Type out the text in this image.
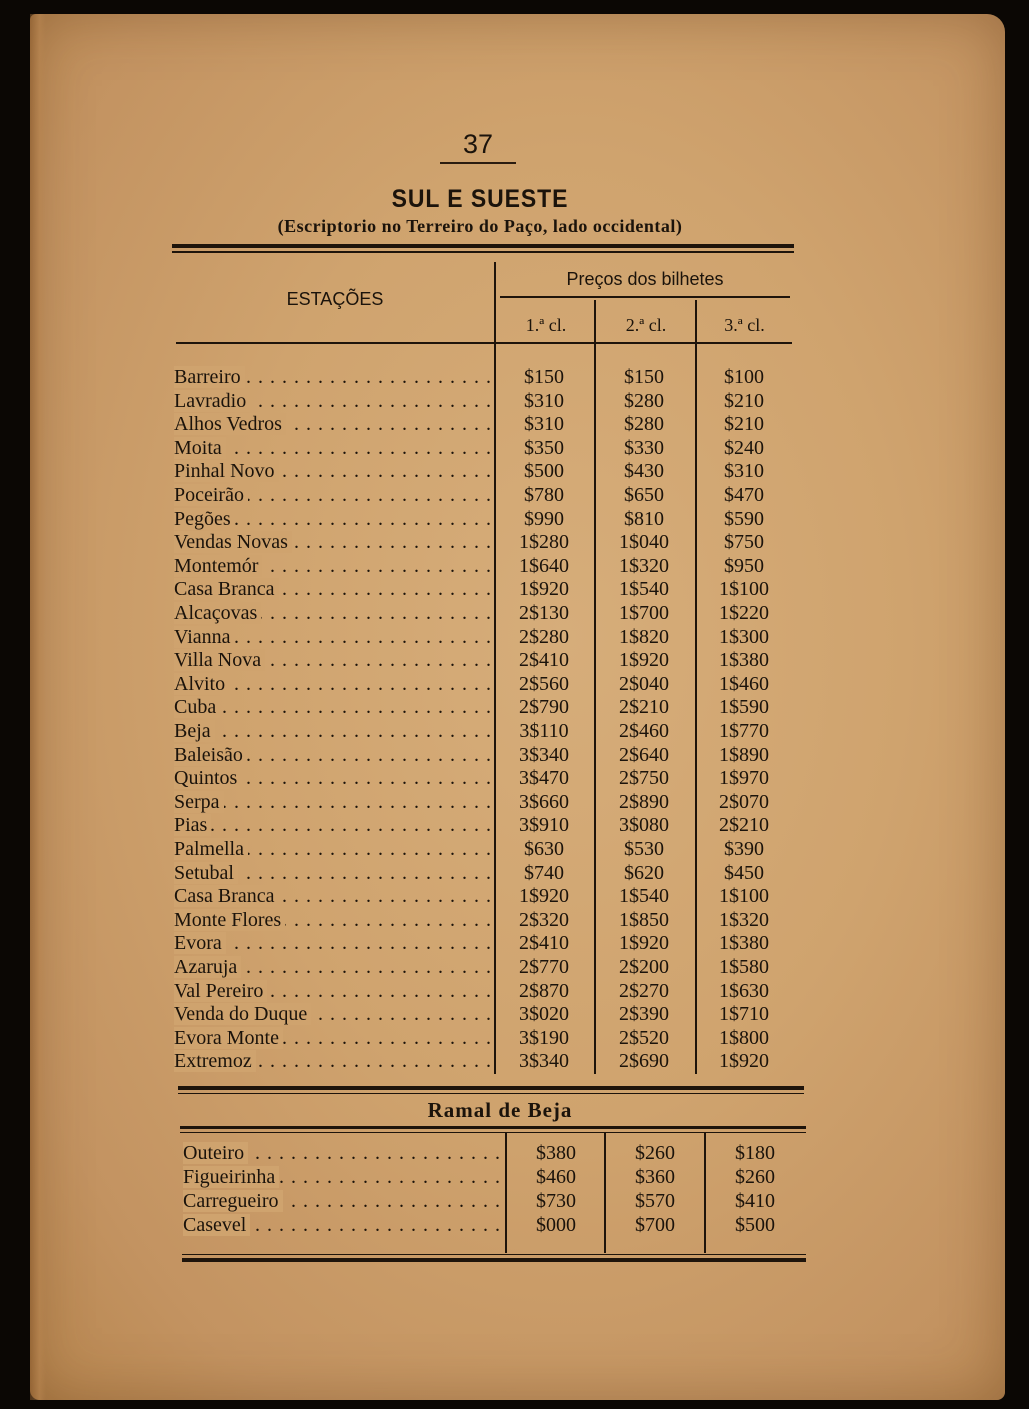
37
SUL E SUESTE
(Escriptorio no Terreiro do Paço, lado occidental)
ESTAÇÕES
Preços dos bilhetes
1.ª cl.	2.ª cl.	3.ª cl.
Barreiro . . .	$150	$150	$100
Lavradio . . .	$310	$280	$210
Alhos Vedros . . .	$310	$280	$210
Moita . . .	$350	$330	$240
Pinhal Novo . . .	$500	$430	$310
Poceirão . . .	$780	$650	$470
Pegões . . .	$990	$810	$590
Vendas Novas . . .	1$280	1$040	$750
Montemór . . .	1$640	1$320	$950
Casa Branca . . .	1$920	1$540	1$100
Alcaçovas . . .	2$130	1$700	1$220
Vianna . . .	2$280	1$820	1$300
Villa Nova . . .	2$410	1$920	1$380
Alvito . . .	2$560	2$040	1$460
Cuba . . .	2$790	2$210	1$590
Beja . . .	3$110	2$460	1$770
Baleisão . . .	3$340	2$640	1$890
Quintos . . .	3$470	2$750	1$970
Serpa . . .	3$660	2$890	2$070
Pias . . .	3$910	3$080	2$210
Palmella . . .	$630	$530	$390
Setubal . . .	$740	$620	$450
Casa Branca . . .	1$920	1$540	1$100
Monte Flores . . .	2$320	1$850	1$320
Evora . . .	2$410	1$920	1$380
Azaruja . . .	2$770	2$200	1$580
Val Pereiro . . .	2$870	2$270	1$630
Venda do Duque . . .	3$020	2$390	1$710
Evora Monte . . .	3$190	2$520	1$800
Extremoz . . .	3$340	2$690	1$920
Ramal de Beja
Outeiro . . .	$380	$260	$180
Figueirinha . . .	$460	$360	$260
Carregueiro . . .	$730	$570	$410
Casevel . . .	$000	$700	$500
